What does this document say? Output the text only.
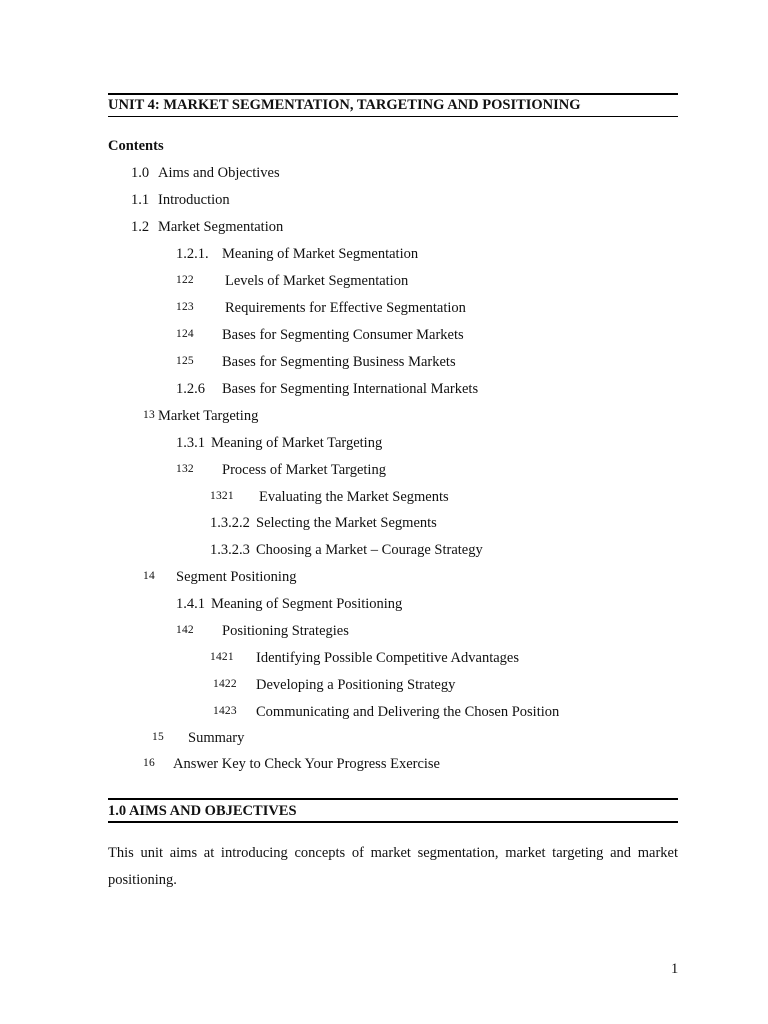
UNIT 4: MARKET SEGMENTATION, TARGETING AND POSITIONING
Contents
1.0 Aims and Objectives
1.1 Introduction
1.2 Market Segmentation
1.2.1. Meaning of Market Segmentation
122 Levels of Market Segmentation
123 Requirements for Effective Segmentation
124 Bases for Segmenting Consumer Markets
125 Bases for Segmenting Business Markets
1.2.6 Bases for Segmenting International Markets
13 Market Targeting
1.3.1 Meaning of Market Targeting
132 Process of Market Targeting
1321 Evaluating the Market Segments
1.3.2.2 Selecting the Market Segments
1.3.2.3 Choosing a Market – Courage Strategy
14 Segment Positioning
1.4.1 Meaning of Segment Positioning
142 Positioning Strategies
1421 Identifying Possible Competitive Advantages
1422 Developing a Positioning Strategy
1423 Communicating and Delivering the Chosen Position
15 Summary
16 Answer Key to Check Your Progress Exercise
1.0 AIMS AND OBJECTIVES
This unit aims at introducing concepts of market segmentation, market targeting and market positioning.
1
